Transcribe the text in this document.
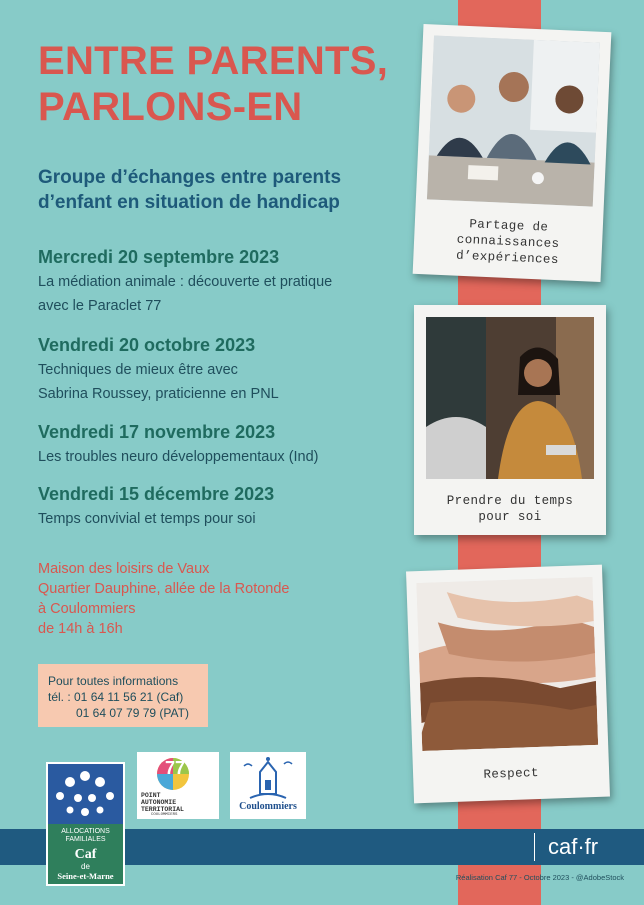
ENTRE PARENTS,
PARLONS-EN
Groupe d’échanges entre parents
d’enfant en situation de handicap
Mercredi 20 septembre 2023
La médiation animale : découverte et pratique
avec le Paraclet 77
Vendredi 20 octobre 2023
Techniques de mieux être avec
Sabrina Roussey, praticienne en PNL
Vendredi 17 novembre 2023
Les troubles neuro développementaux (Ind)
Vendredi 15 décembre 2023
Temps convivial et temps pour soi
Maison des loisirs de Vaux
Quartier Dauphine, allée de la Rotonde
à Coulommiers
de 14h à 16h
Pour toutes informations
tél. : 01 64 11 56 21 (Caf)
01 64 07 79 79 (PAT)
Partage de
connaissances
d’expériences
Prendre du temps
pour soi
Respect
caf·fr
Réalisation Caf 77 - Octobre 2023 - @AdobeStock
ALLOCATIONS
FAMILIALES
Caf
de
Seine-et-Marne
77
POINT
AUTONOMIE
TERRITORIAL
COULOMMIERS
Coulommiers
